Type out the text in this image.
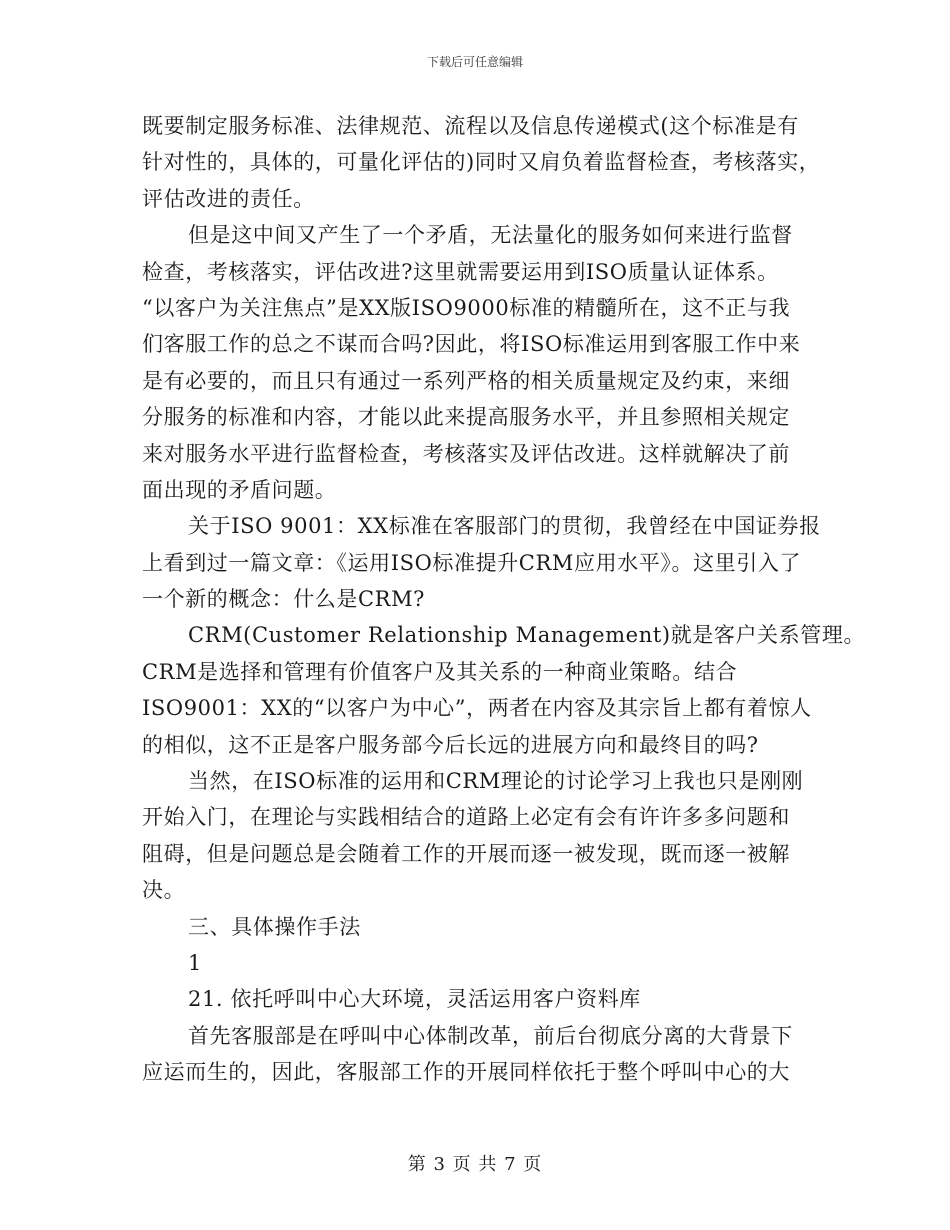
下载后可任意编辑
既要制定服务标准、法律规范、流程以及信息传递模式(这个标准是有
针对性的，具体的，可量化评估的)同时又肩负着监督检查，考核落实，
评估改进的责任。
但是这中间又产生了一个矛盾，无法量化的服务如何来进行监督
检查，考核落实，评估改进?这里就需要运用到ISO质量认证体系。
“以客户为关注焦点”是XX版ISO9000标准的精髓所在，这不正与我
们客服工作的总之不谋而合吗?因此，将ISO标准运用到客服工作中来
是有必要的，而且只有通过一系列严格的相关质量规定及约束，来细
分服务的标准和内容，才能以此来提高服务水平，并且参照相关规定
来对服务水平进行监督检查，考核落实及评估改进。这样就解决了前
面出现的矛盾问题。
关于ISO 9001：XX标准在客服部门的贯彻，我曾经在中国证券报
上看到过一篇文章：《运用ISO标准提升CRM应用水平》。这里引入了
一个新的概念：什么是CRM?
CRM(Customer Relationship Management)就是客户关系管理。
CRM是选择和管理有价值客户及其关系的一种商业策略。结合
ISO9001：XX的“以客户为中心”，两者在内容及其宗旨上都有着惊人
的相似，这不正是客户服务部今后长远的进展方向和最终目的吗?
当然，在ISO标准的运用和CRM理论的讨论学习上我也只是刚刚
开始入门，在理论与实践相结合的道路上必定有会有许许多多问题和
阻碍，但是问题总是会随着工作的开展而逐一被发现，既而逐一被解
决。
三、具体操作手法
1
21. 依托呼叫中心大环境，灵活运用客户资料库
首先客服部是在呼叫中心体制改革，前后台彻底分离的大背景下
应运而生的，因此，客服部工作的开展同样依托于整个呼叫中心的大
第 3 页 共 7 页
